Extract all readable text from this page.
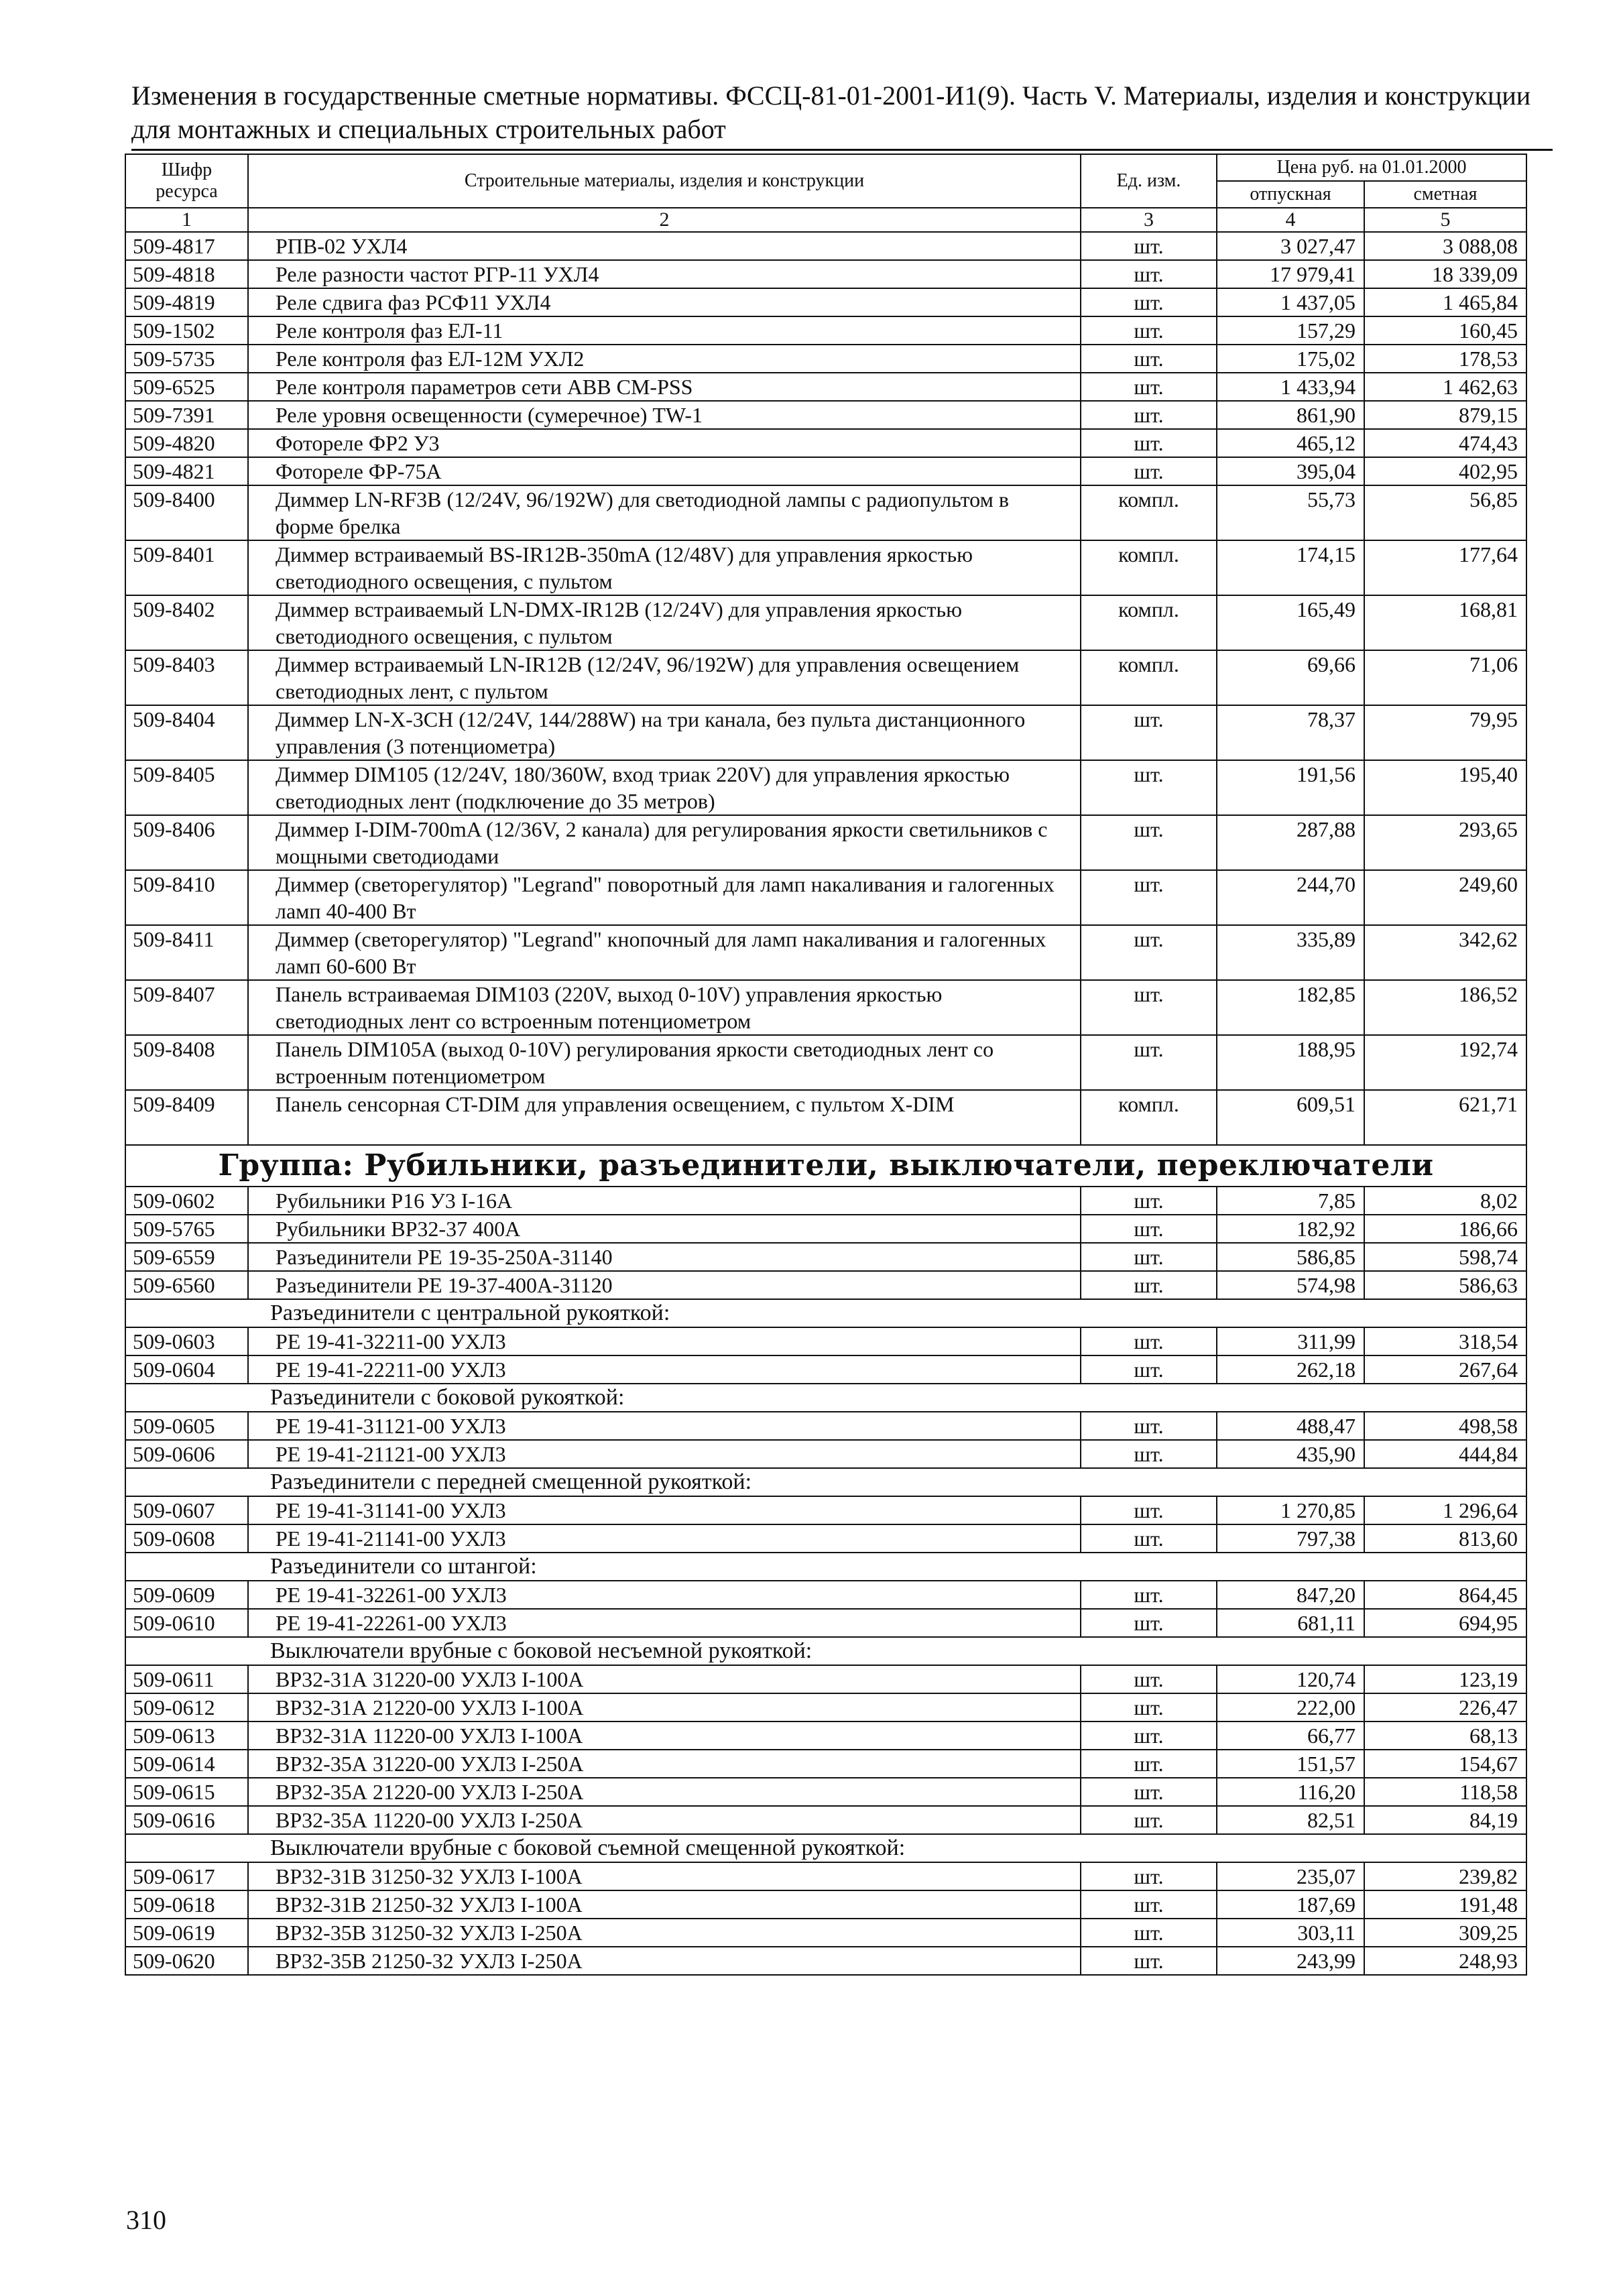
Изменения в государственные сметные нормативы. ФССЦ-81-01-2001-И1(9). Часть V. Материалы, изделия и конструкции для монтажных и специальных строительных работ
Шифр ресурса	Строительные материалы, изделия и конструкции	Ед. изм.	Цена руб. на 01.01.2000	
			отпускная	сметная
1	2	3	4	5
509-4817	РПВ-02 УХЛ4	шт.	3 027,47	3 088,08
509-4818	Реле разности частот РГР-11 УХЛ4	шт.	17 979,41	18 339,09
509-4819	Реле сдвига фаз РСФ11 УХЛ4	шт.	1 437,05	1 465,84
509-1502	Реле контроля фаз ЕЛ-11	шт.	157,29	160,45
509-5735	Реле контроля фаз ЕЛ-12М УХЛ2	шт.	175,02	178,53
509-6525	Реле контроля параметров сети ABB CM-PSS	шт.	1 433,94	1 462,63
509-7391	Реле уровня освещенности (сумеречное) TW-1	шт.	861,90	879,15
509-4820	Фотореле ФР2 У3	шт.	465,12	474,43
509-4821	Фотореле ФР-75А	шт.	395,04	402,95
509-8400	Диммер LN-RF3B (12/24V, 96/192W) для светодиодной лампы с радиопультом в форме брелка	компл.	55,73	56,85
509-8401	Диммер встраиваемый BS-IR12B-350mA (12/48V) для управления яркостью светодиодного освещения, с пультом	компл.	174,15	177,64
509-8402	Диммер встраиваемый LN-DMX-IR12B (12/24V) для управления яркостью светодиодного освещения, с пультом	компл.	165,49	168,81
509-8403	Диммер встраиваемый LN-IR12B (12/24V, 96/192W) для управления освещением светодиодных лент, с пультом	компл.	69,66	71,06
509-8404	Диммер LN-X-3CH (12/24V, 144/288W) на три канала, без пульта дистанционного управления (3 потенциометра)	шт.	78,37	79,95
509-8405	Диммер DIM105 (12/24V, 180/360W, вход триак 220V) для управления яркостью светодиодных лент (подключение до 35 метров)	шт.	191,56	195,40
509-8406	Диммер I-DIM-700mA (12/36V, 2 канала) для регулирования яркости светильников с мощными светодиодами	шт.	287,88	293,65
509-8410	Диммер (светорегулятор) "Legrand" поворотный для ламп накаливания и галогенных ламп 40-400 Вт	шт.	244,70	249,60
509-8411	Диммер (светорегулятор) "Legrand" кнопочный для ламп накаливания и галогенных ламп 60-600 Вт	шт.	335,89	342,62
509-8407	Панель встраиваемая DIM103 (220V, выход 0-10V) управления яркостью светодиодных лент со встроенным потенциометром	шт.	182,85	186,52
509-8408	Панель DIM105A (выход 0-10V) регулирования яркости светодиодных лент со встроенным потенциометром	шт.	188,95	192,74
509-8409	Панель сенсорная CT-DIM для управления освещением, с пультом X-DIM	компл.	609,51	621,71
Группа: Рубильники, разъединители, выключатели, переключатели				
509-0602	Рубильники Р16 У3 I-16А	шт.	7,85	8,02
509-5765	Рубильники ВР32-37 400А	шт.	182,92	186,66
509-6559	Разъединители РЕ 19-35-250А-31140	шт.	586,85	598,74
509-6560	Разъединители РЕ 19-37-400А-31120	шт.	574,98	586,63
Разъединители с центральной рукояткой:				
509-0603	РЕ 19-41-32211-00 УХЛ3	шт.	311,99	318,54
509-0604	РЕ 19-41-22211-00 УХЛ3	шт.	262,18	267,64
Разъединители с боковой рукояткой:				
509-0605	РЕ 19-41-31121-00 УХЛ3	шт.	488,47	498,58
509-0606	РЕ 19-41-21121-00 УХЛ3	шт.	435,90	444,84
Разъединители с передней смещенной рукояткой:				
509-0607	РЕ 19-41-31141-00 УХЛ3	шт.	1 270,85	1 296,64
509-0608	РЕ 19-41-21141-00 УХЛ3	шт.	797,38	813,60
Разъединители со штангой:				
509-0609	РЕ 19-41-32261-00 УХЛ3	шт.	847,20	864,45
509-0610	РЕ 19-41-22261-00 УХЛ3	шт.	681,11	694,95
Выключатели врубные с боковой несъемной рукояткой:				
509-0611	ВР32-31А 31220-00 УХЛ3 I-100А	шт.	120,74	123,19
509-0612	ВР32-31А 21220-00 УХЛ3 I-100А	шт.	222,00	226,47
509-0613	ВР32-31А 11220-00 УХЛ3 I-100А	шт.	66,77	68,13
509-0614	ВР32-35А 31220-00 УХЛ3 I-250А	шт.	151,57	154,67
509-0615	ВР32-35А 21220-00 УХЛ3 I-250А	шт.	116,20	118,58
509-0616	ВР32-35А 11220-00 УХЛ3 I-250А	шт.	82,51	84,19
Выключатели врубные с боковой съемной смещенной рукояткой:				
509-0617	ВР32-31В 31250-32 УХЛ3 I-100А	шт.	235,07	239,82
509-0618	ВР32-31В 21250-32 УХЛ3 I-100А	шт.	187,69	191,48
509-0619	ВР32-35В 31250-32 УХЛ3 I-250А	шт.	303,11	309,25
509-0620	ВР32-35В 21250-32 УХЛ3 I-250А	шт.	243,99	248,93
310
